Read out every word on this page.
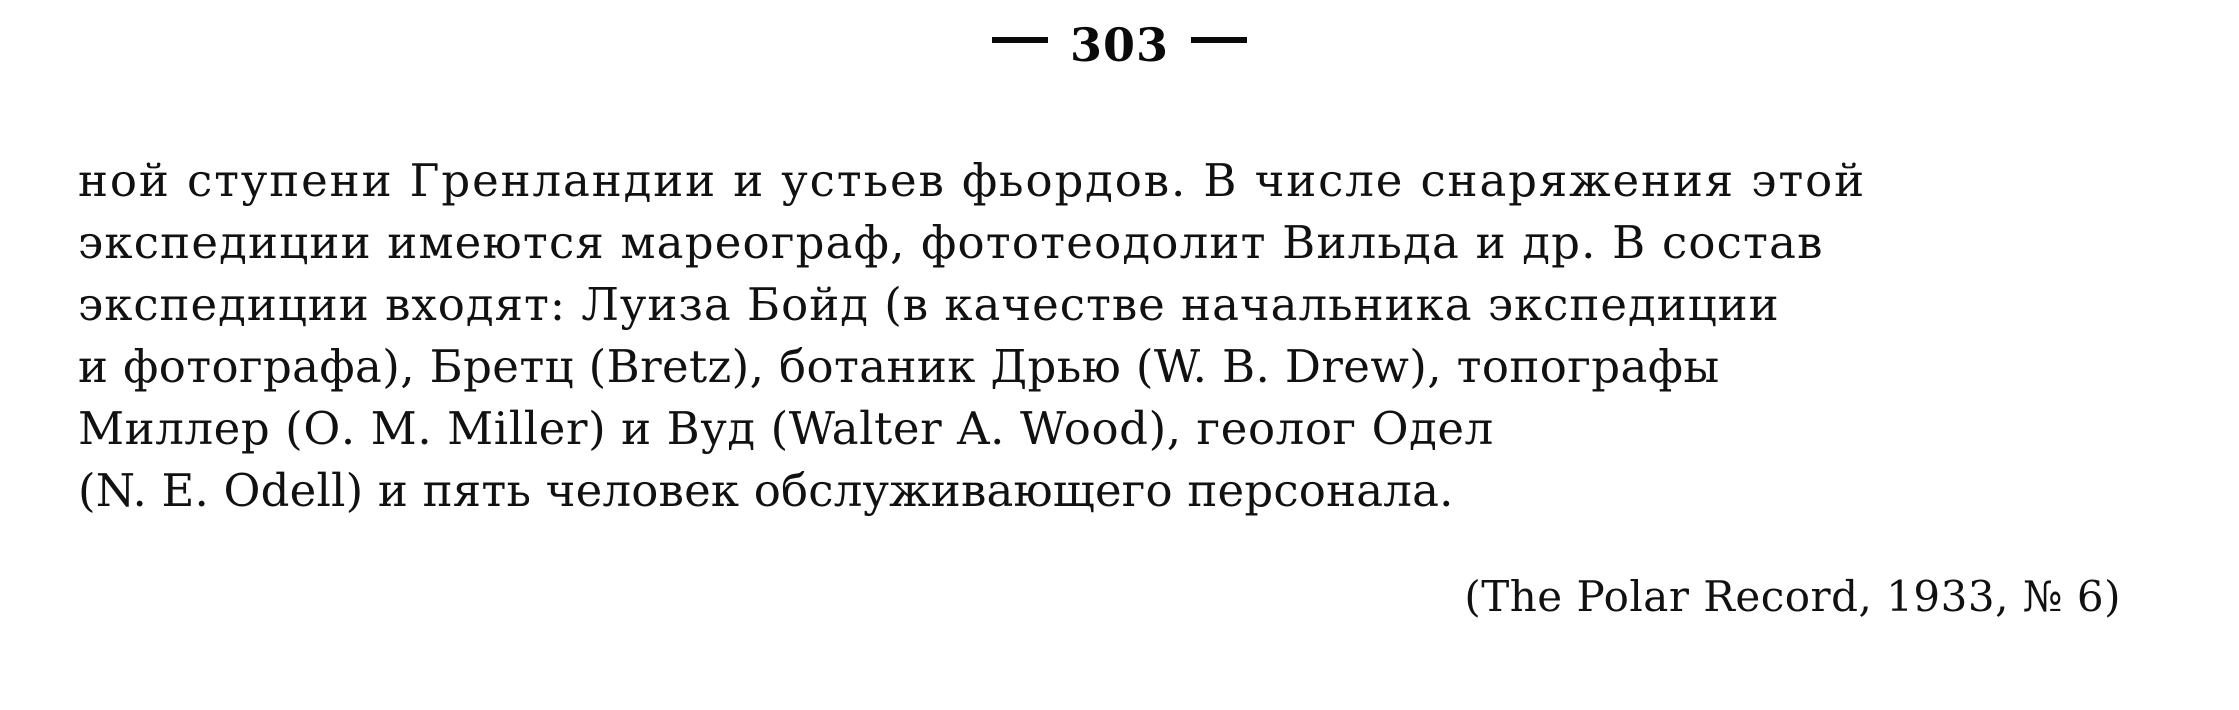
303
ной ступени Гренландии и устьев фьордов. В числе снаряжения этой
экспедиции имеются мареограф, фототеодолит Вильда и др. В состав
экспедиции входят: Луиза Бойд (в качестве начальника экспедиции
и фотографа), Бретц (Bretz), ботаник Дрью (W. B. Drew), топографы
Миллер (О. М. Miller) и Вуд (Walter A. Wood), геолог Одел
(N. E. Odell) и пять человек обслуживающего персонала.
(The Polar Record, 1933, № 6)
